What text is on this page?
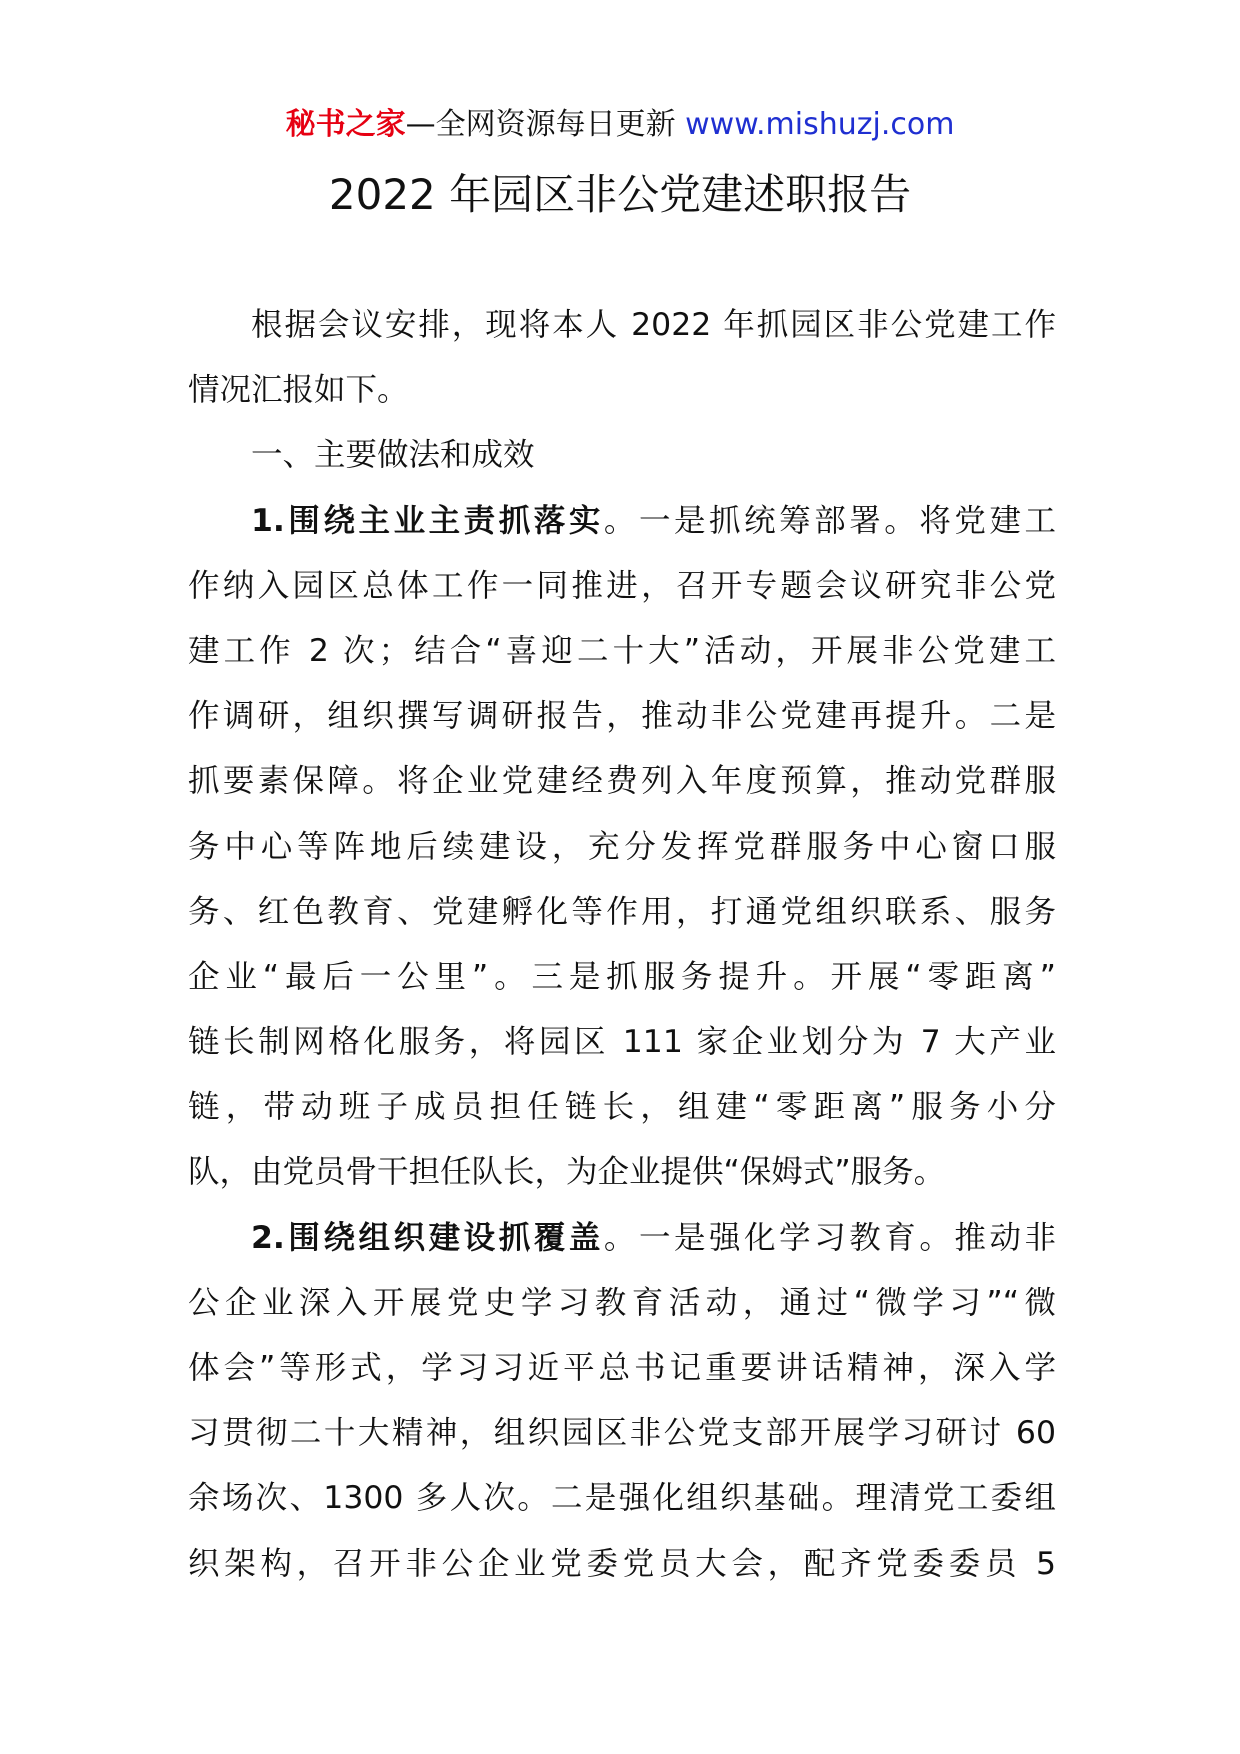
秘书之家—全网资源每日更新 www.mishuzj.com
2022 年园区非公党建述职报告
根据会议安排，现将本人 2022 年抓园区非公党建工作
情况汇报如下。
一、主要做法和成效
1.围绕主业主责抓落实。一是抓统筹部署。将党建工
作纳入园区总体工作一同推进，召开专题会议研究非公党
建工作 2 次；结合“喜迎二十大”活动，开展非公党建工
作调研，组织撰写调研报告，推动非公党建再提升。二是
抓要素保障。将企业党建经费列入年度预算，推动党群服
务中心等阵地后续建设，充分发挥党群服务中心窗口服
务、红色教育、党建孵化等作用，打通党组织联系、服务
企业“最后一公里”。三是抓服务提升。开展“零距离”
链长制网格化服务，将园区 111 家企业划分为 7 大产业
链，带动班子成员担任链长，组建“零距离”服务小分
队，由党员骨干担任队长，为企业提供“保姆式”服务。
2.围绕组织建设抓覆盖。一是强化学习教育。推动非
公企业深入开展党史学习教育活动，通过“微学习”“微
体会”等形式，学习习近平总书记重要讲话精神，深入学
习贯彻二十大精神，组织园区非公党支部开展学习研讨 60
余场次、1300 多人次。二是强化组织基础。理清党工委组
织架构，召开非公企业党委党员大会，配齐党委委员 5
